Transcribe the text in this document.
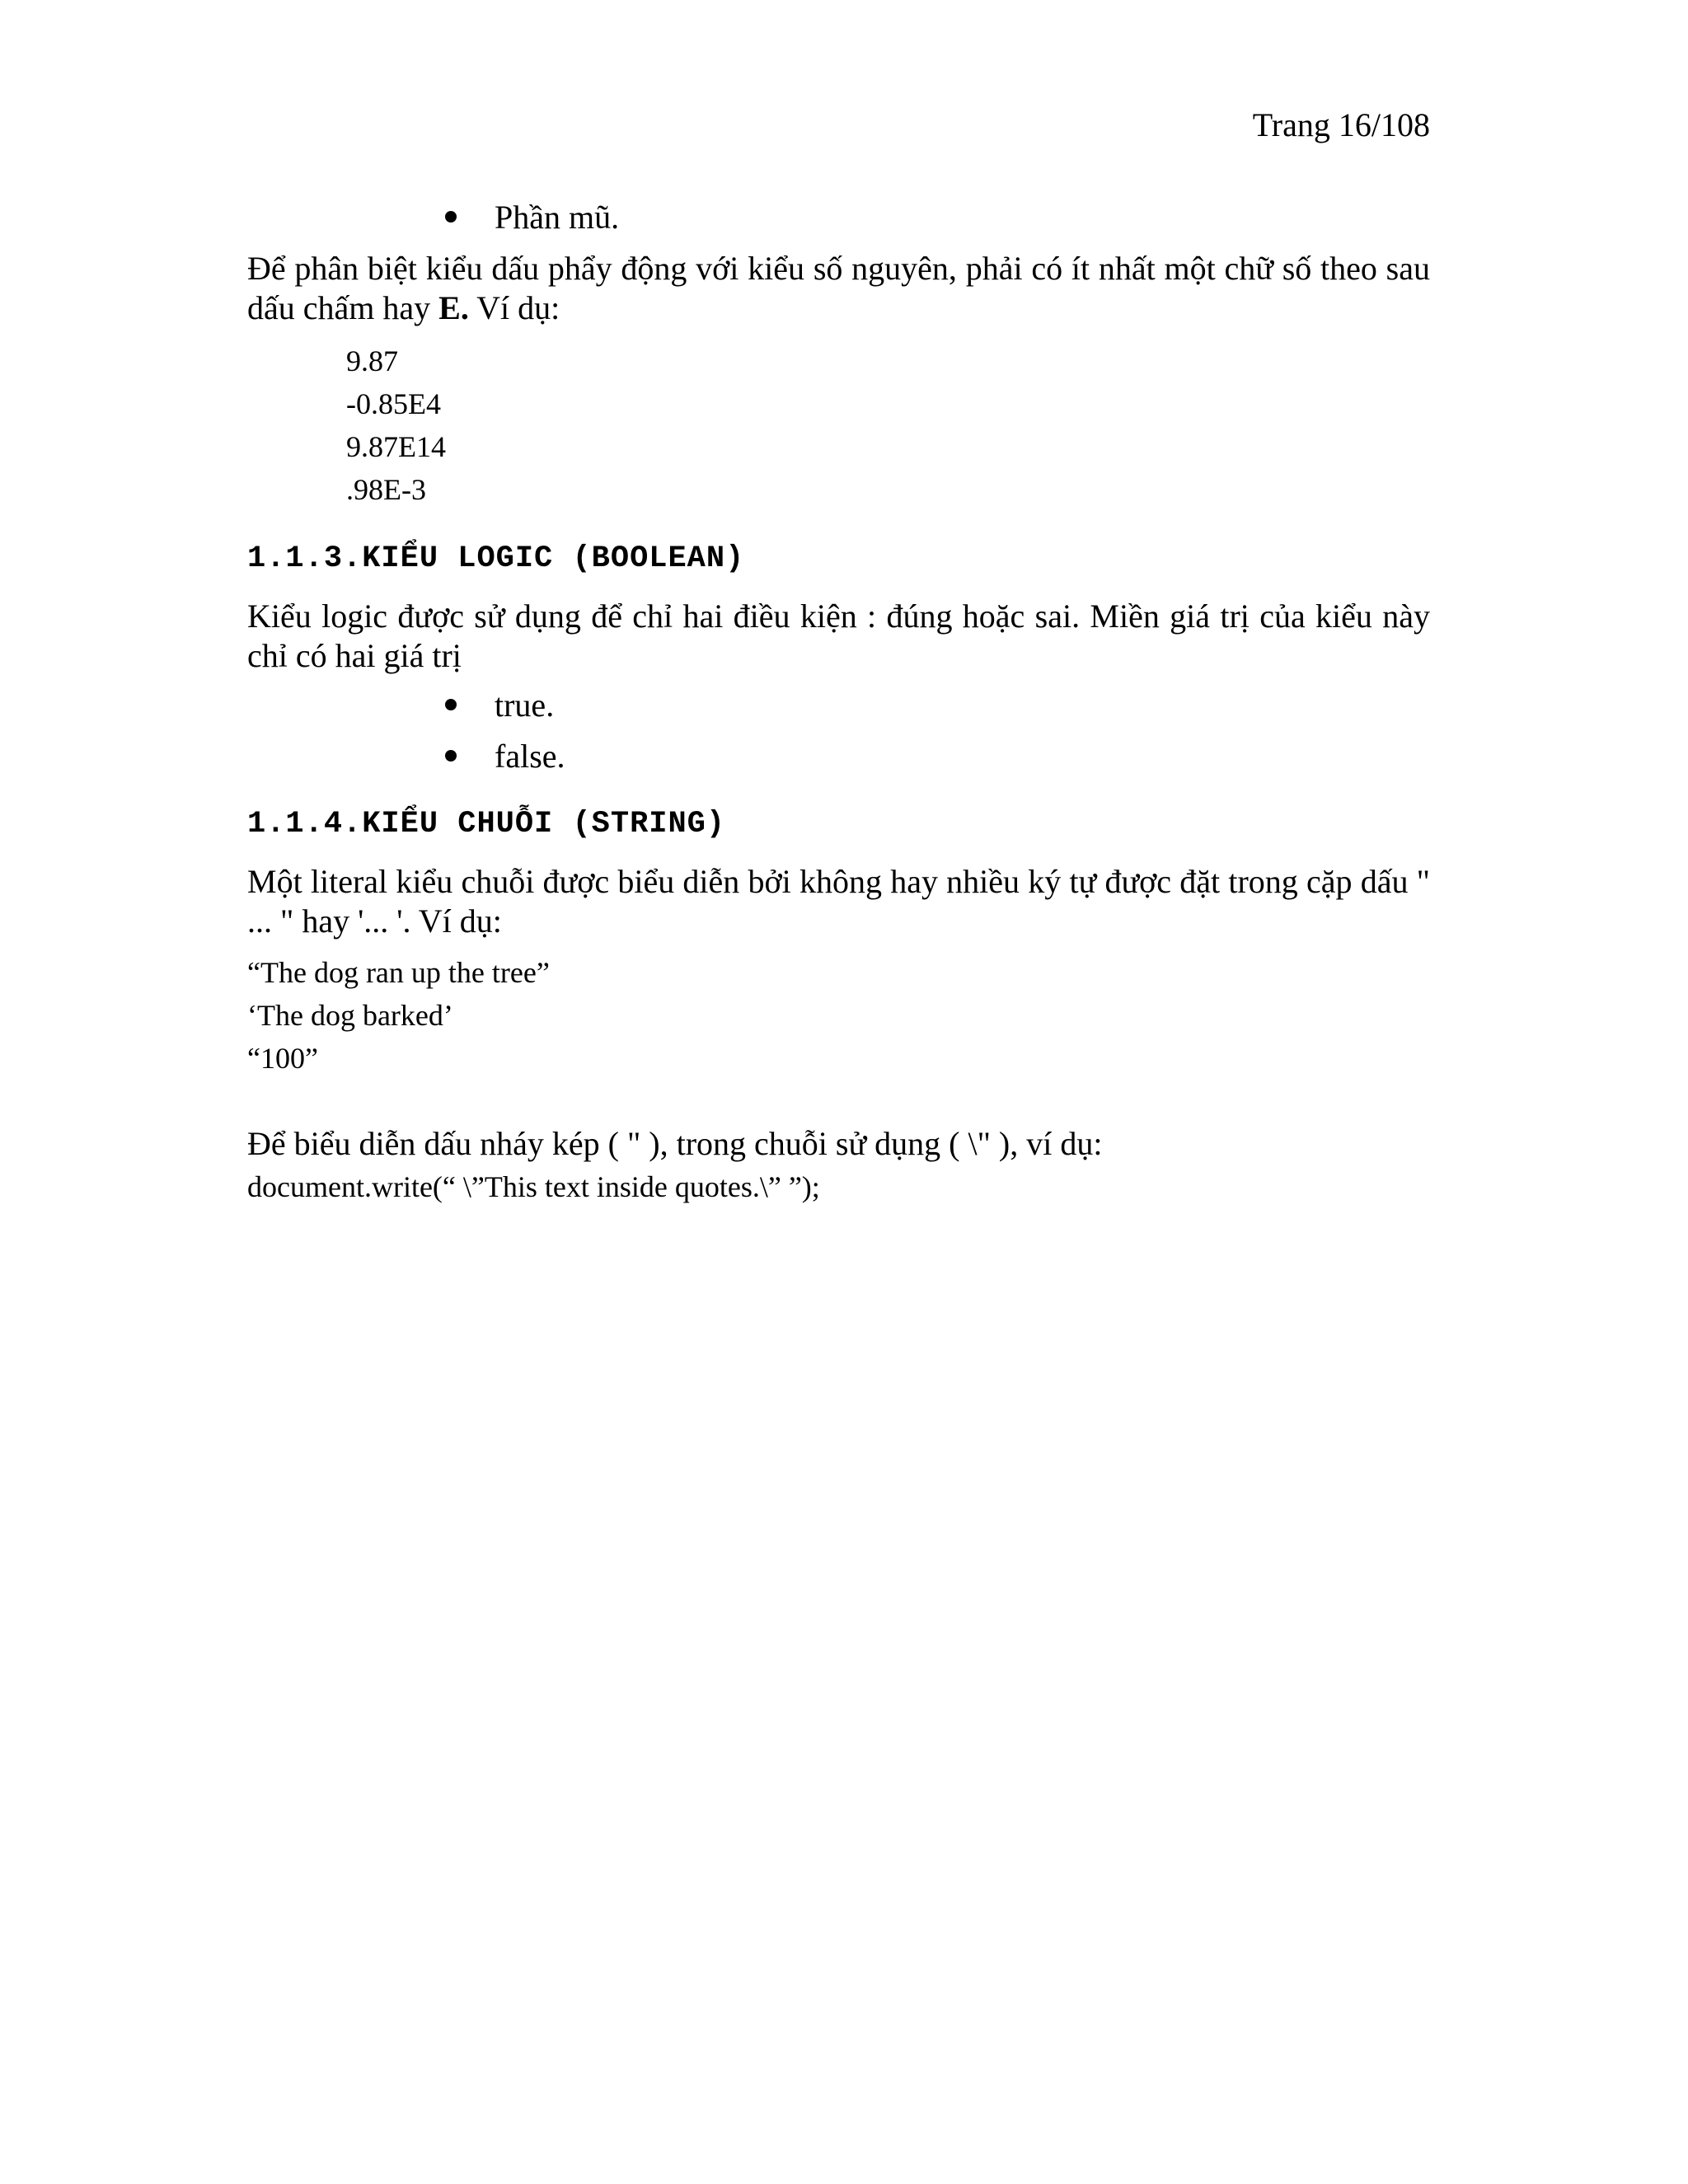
Trang 16/108
Phần mũ.

Để phân biệt kiểu dấu phẩy động với kiểu số nguyên, phải có ít nhất một chữ số theo sau dấu chấm hay E. Ví dụ:

9.87
-0.85E4
9.87E14
.98E-3
1.1.3.KIỂU LOGIC (BOOLEAN)

Kiểu logic được sử dụng để chỉ hai điều kiện : đúng hoặc sai. Miền giá trị của kiểu này chỉ có hai giá trị

true.
false.
1.1.4.KIỂU CHUỖI (STRING)

Một literal kiểu chuỗi được biểu diễn bởi không hay nhiều ký tự được đặt trong cặp dấu " ... " hay '... '. Ví dụ:

“The dog ran up the tree”
‘The dog barked’
“100”

Để biểu diễn dấu nháy kép ( " ), trong chuỗi sử dụng ( \" ), ví dụ:

document.write(“ \”This text inside quotes.\” ”);
